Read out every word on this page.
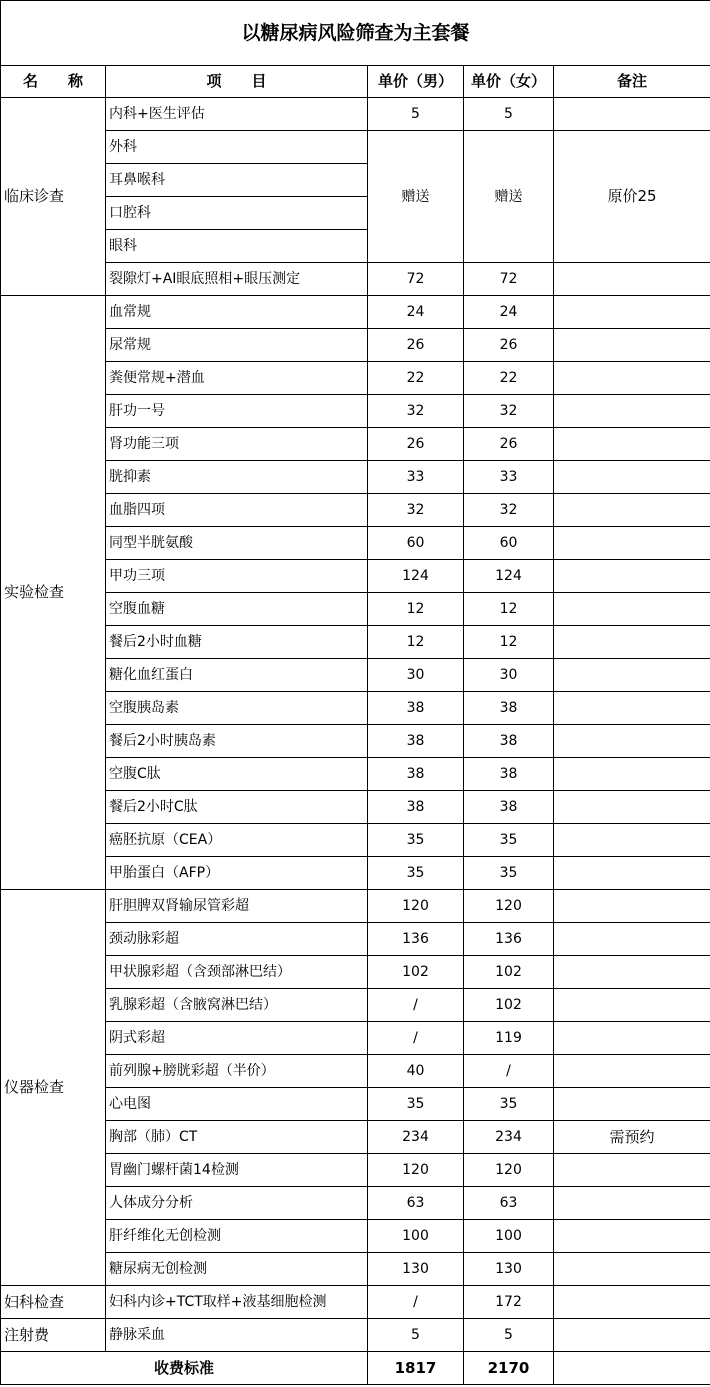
以糖尿病风险筛查为主套餐				
名　　称	项　　目	单价（男）	单价（女）	备注
临床诊查	内科+医生评估	5	5	
	外科	赠送	赠送	原价25
	耳鼻喉科			
	口腔科			
	眼科			
	裂隙灯+AI眼底照相+眼压测定	72	72	
实验检查	血常规	24	24	
	尿常规	26	26	
	粪便常规+潜血	22	22	
	肝功一号	32	32	
	肾功能三项	26	26	
	胱抑素	33	33	
	血脂四项	32	32	
	同型半胱氨酸	60	60	
	甲功三项	124	124	
	空腹血糖	12	12	
	餐后2小时血糖	12	12	
	糖化血红蛋白	30	30	
	空腹胰岛素	38	38	
	餐后2小时胰岛素	38	38	
	空腹C肽	38	38	
	餐后2小时C肽	38	38	
	癌胚抗原（CEA）	35	35	
	甲胎蛋白（AFP）	35	35	
仪器检查	肝胆脾双肾输尿管彩超	120	120	
	颈动脉彩超	136	136	
	甲状腺彩超（含颈部淋巴结）	102	102	
	乳腺彩超（含腋窝淋巴结）	/	102	
	阴式彩超	/	119	
	前列腺+膀胱彩超（半价）	40	/	
	心电图	35	35	
	胸部（肺）CT	234	234	需预约
	胃幽门螺杆菌14检测	120	120	
	人体成分分析	63	63	
	肝纤维化无创检测	100	100	
	糖尿病无创检测	130	130	
妇科检查	妇科内诊+TCT取样+液基细胞检测	/	172	
注射费	静脉采血	5	5	
收费标准		1817	2170	
